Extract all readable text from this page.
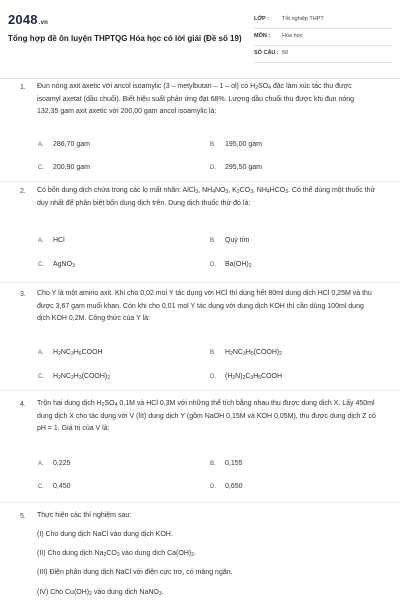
2048.vn
Tổng hợp đề ôn luyện THPTQG Hóa học có lời giải (Đề số 19)
LỚP : Tốt nghiệp THPT
MÔN : Hóa học
SỐ CÂU : 50
1. Đun nóng axit axetic với ancol isoamylic (3 – metylbutan – 1 – ol) có $H_2SO_4$ đặc làm xúc tác thu được isoamyl axetat (dầu chuối). Biết hiệu suất phản ứng đạt 68%. Lượng dầu chuối thu được khi đun nóng 132,35 gam axit axetic với 200,00 gam ancol isoamylic là:
A. 286,70 gam	B. 195,00 gam
C. 200,90 gam	D. 295,50 gam
2. Có bốn dung dịch chứa trong các lọ mất nhãn: AlCl$_3$, $NH_4NO_3$, $K_2CO_3$, $NH_4HCO_3$. Có thể dùng một thuốc thử duy nhất để phân biệt bốn dung dịch trên. Dung dịch thuốc thử đó là:
A. HCl	B. Quỳ tím
C. AgNO$_3$	D. $Ba(OH)_2$
3. Cho Y là một amino axit. Khi cho 0,02 mol Y tác dụng với HCl thì dùng hết 80ml dung dịch HCl 0,25M và thu được 3,67 gam muối khan. Còn khi cho 0,01 mol Y tác dụng với dung dịch KOH thì cần dùng 100ml dung dịch KOH 0,2M. Công thức của Y là:
A. $H_2NC_3H_6COOH$	B. $H_2NC_3H_5(COOH)_2$
C. $H_2NC_2H_3(COOH)_2$	D. $(H_2N)_2C_3H_5COOH$
4. Trộn hai dung dịch $H_2SO_4$ 0,1M và HCl 0,3M với những thể tích bằng nhau thu được dung dịch X. Lấy 450ml dung dịch X cho tác dụng với V (lít) dung dịch Y (gồm NaOH 0,15M và KOH 0,05M), thu được dung dịch Z có pH = 1. Giá trị của V là:
A. 0,225	B. 0,155
C. 0,450	D. 0,650
5. Thực hiện các thí nghiệm sau:
(I) Cho dung dịch NaCl vào dung dịch KOH.
(II) Cho dung dịch $Na_2CO_3$ vào dung dịch $Ca(OH)_2$.
(III) Điện phân dung dịch NaCl với điện cực trơ, có màng ngăn.
(IV) Cho $Cu(OH)_2$ vào dung dịch NaNO$_3$.
